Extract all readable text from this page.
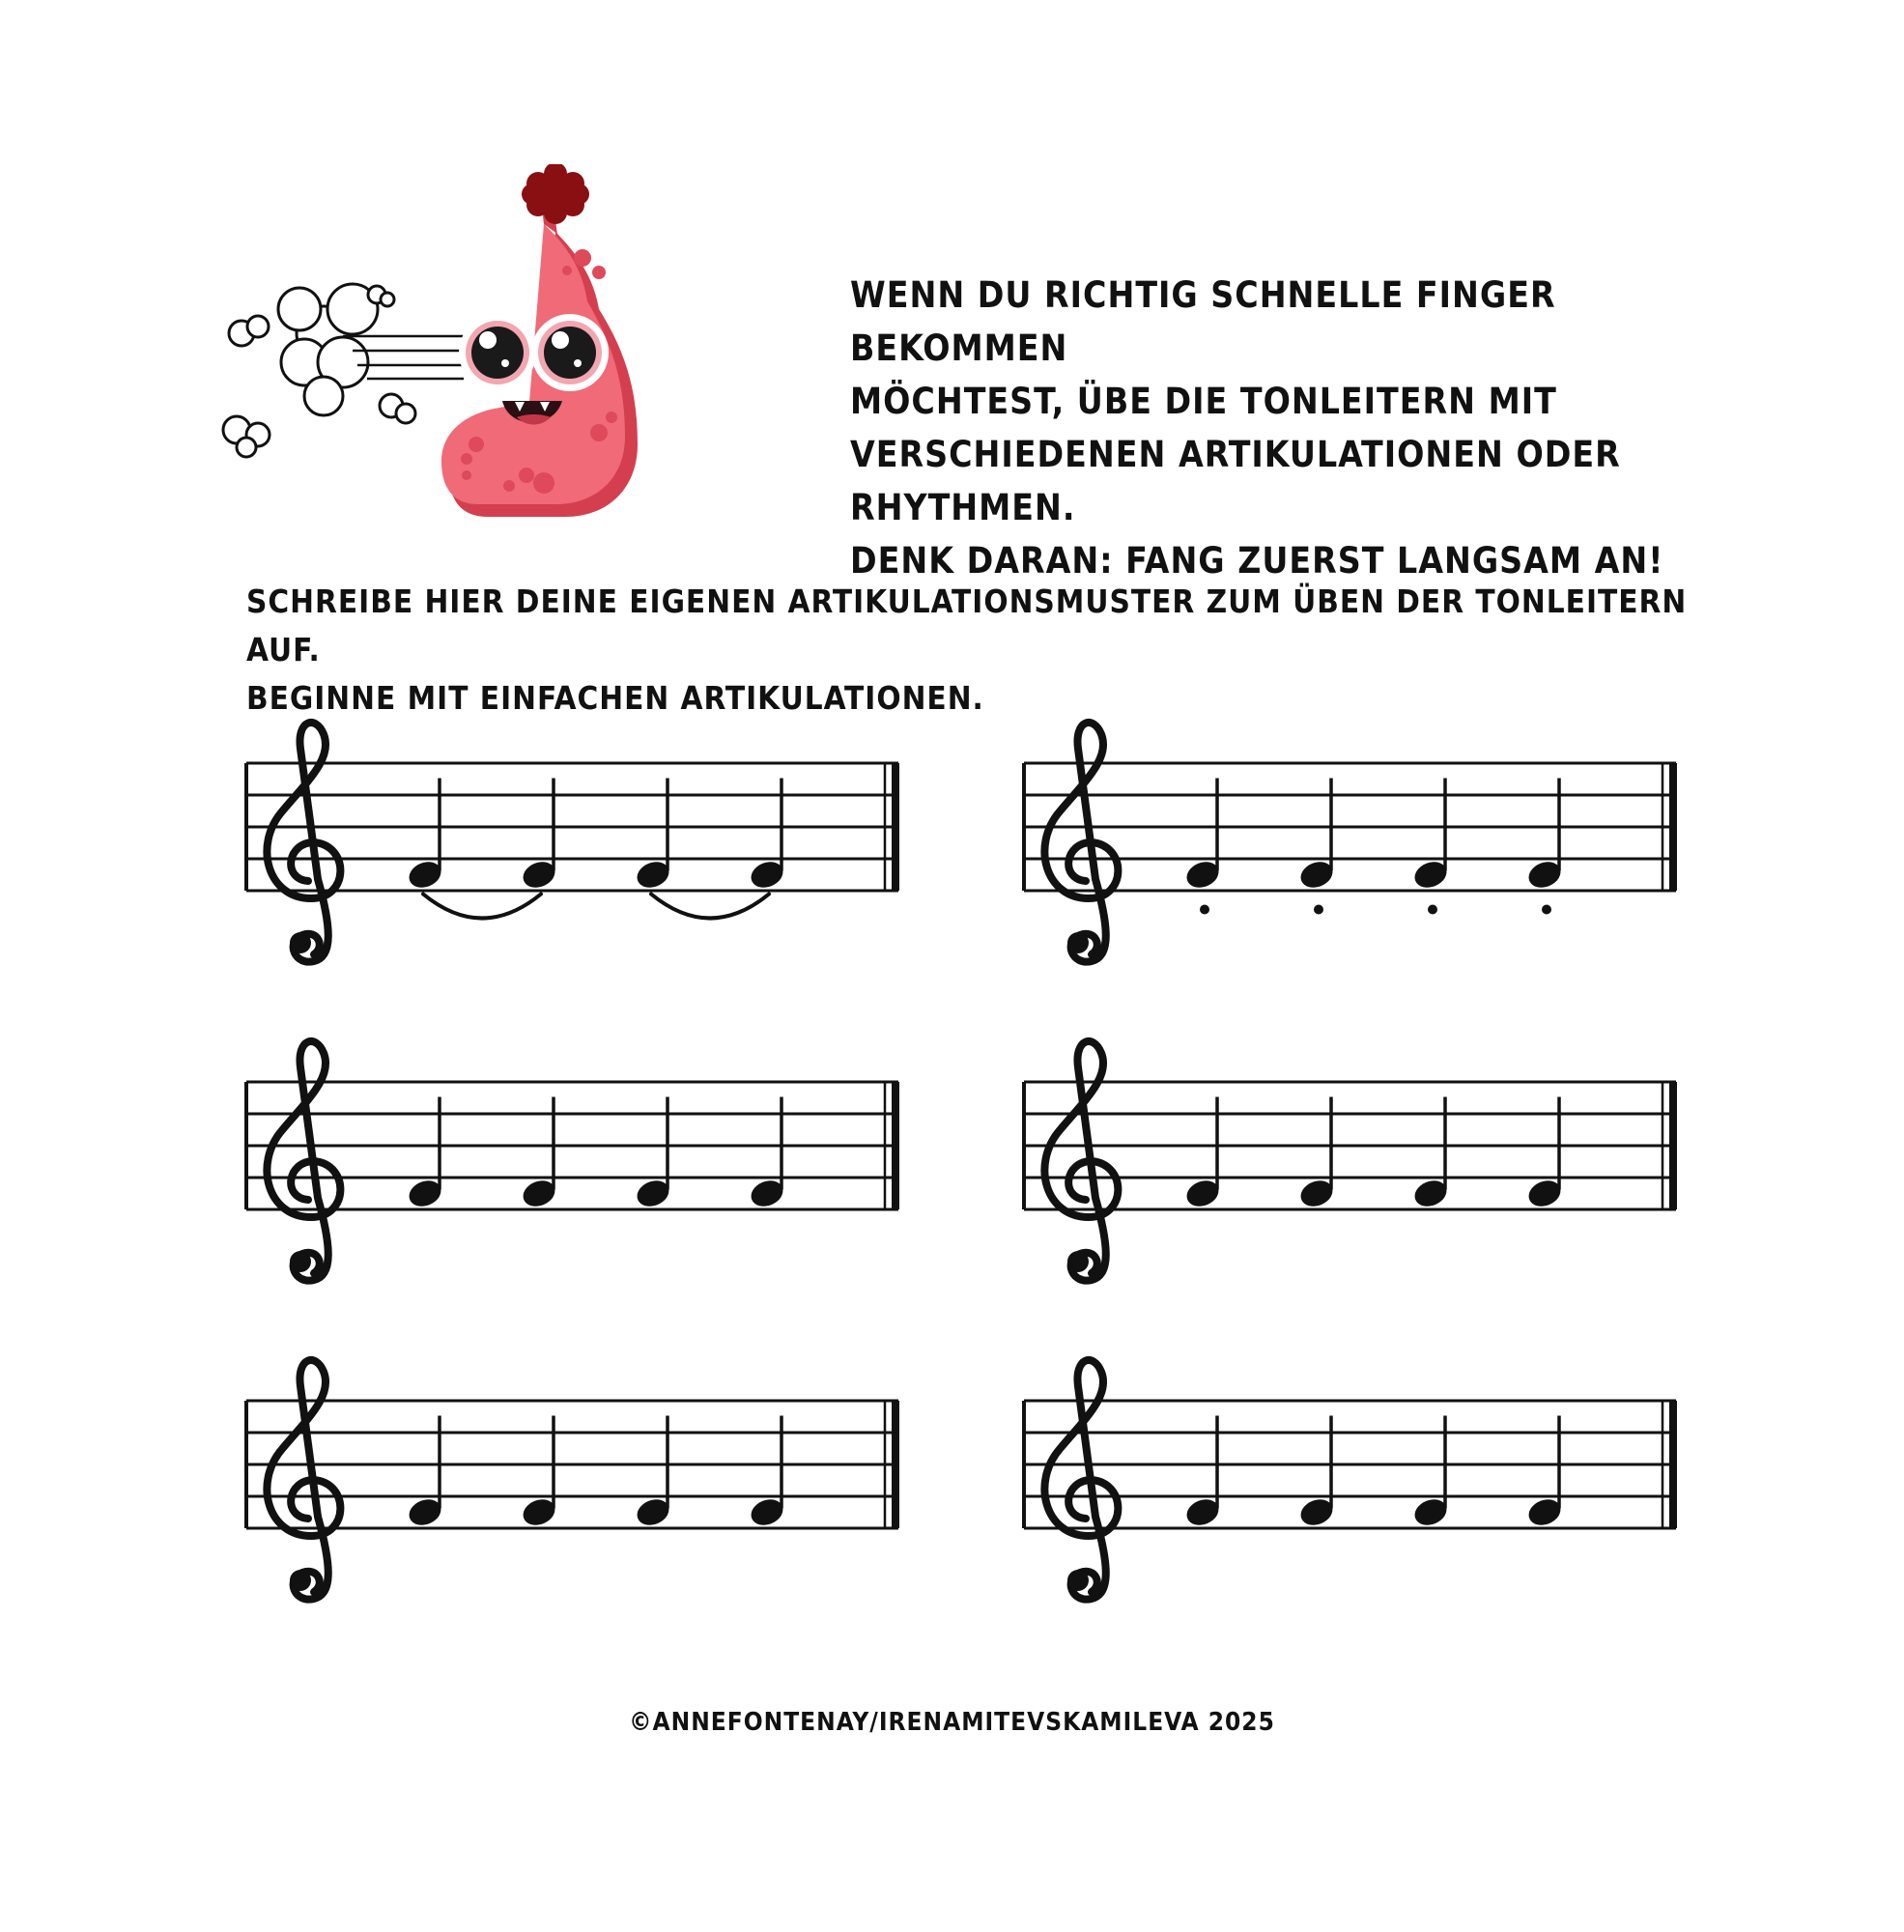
WENN DU RICHTIG SCHNELLE FINGER BEKOMMEN
MÖCHTEST, ÜBE DIE TONLEITERN MIT
VERSCHIEDENEN ARTIKULATIONEN ODER RHYTHMEN.
DENK DARAN: FANG ZUERST LANGSAM AN!

SCHREIBE HIER DEINE EIGENEN ARTIKULATIONSMUSTER ZUM ÜBEN DER TONLEITERN AUF.
BEGINNE MIT EINFACHEN ARTIKULATIONEN.

©ANNEFONTENAY/IRENAMITEVSKAMILEVA 2025
